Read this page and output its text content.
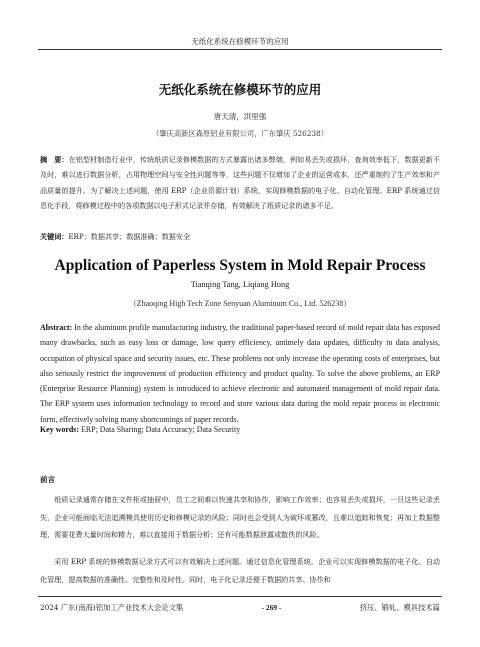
无纸化系统在修模环节的应用
无纸化系统在修模环节的应用
唐天清，洪里强
（肇庆高新区森原铝业有限公司，广东肇庆 526238）
摘　要：在铝型材制造行业中，传统纸质记录修模数据的方式暴露出诸多弊端，例如易丢失或损坏，查询效率低下，数据更新不及时，难以进行数据分析，占用物理空间与安全性问题等等，这些问题不仅增加了企业的运营成本，还严重制约了生产效率和产品质量的提升。为了解决上述问题，使用 ERP（企业资源计划）系统，实现修模数据的电子化、自动化管理。ERP 系统通过信息化手段，将修模过程中的各项数据以电子形式记录并存储，有效解决了纸质记录的诸多不足。
关键词：ERP；数据共享；数据准确；数据安全
Application of Paperless System in Mold Repair Process
Tianqing Tang, Liqiang Hong
（Zhaoqing High Tech Zone Senyuan Aluminum Co., Ltd. 526238）
Abstract: In the aluminum profile manufacturing industry, the traditional paper-based record of mold repair data has exposed many drawbacks, such as easy loss or damage, low query efficiency, untimely data updates, difficulty in data analysis, occupation of physical space and security issues, etc. These problems not only increase the operating costs of enterprises, but also seriously restrict the improvement of production efficiency and product quality. To solve the above problems, an ERP (Enterprise Resource Planning) system is introduced to achieve electronic and automated management of mold repair data. The ERP system uses information technology to record and store various data during the mold repair process in electronic form, effectively solving many shortcomings of paper records.
Key words: ERP; Data Sharing; Data Accuracy; Data Security
前言

纸质记录通常存储在文件柜或抽屉中，员工之间难以快速共享和协作，影响工作效率；也容易丢失或损坏，一旦这些记录丢失，企业可能面临无法追溯模具使用历史和修模记录的风险；同时也会受到人为破坏或篡改，且难以追踪和恢复；再加上数据整理，需要花费大量时间和精力，难以直接用于数据分析；还有可能数据泄露或散佚的风险。

采用 ERP 系统的修模数据记录方式可以有效解决上述问题。通过信息化管理系统，企业可以实现修模数据的电子化、自动化管理，提高数据的准确性、完整性和及时性。同时，电子化记录还便于数据的共享、协作和

2024 广东(南海)铝加工产业技术大会论文集	- 269 -	挤压、锻轧、模具技术篇
